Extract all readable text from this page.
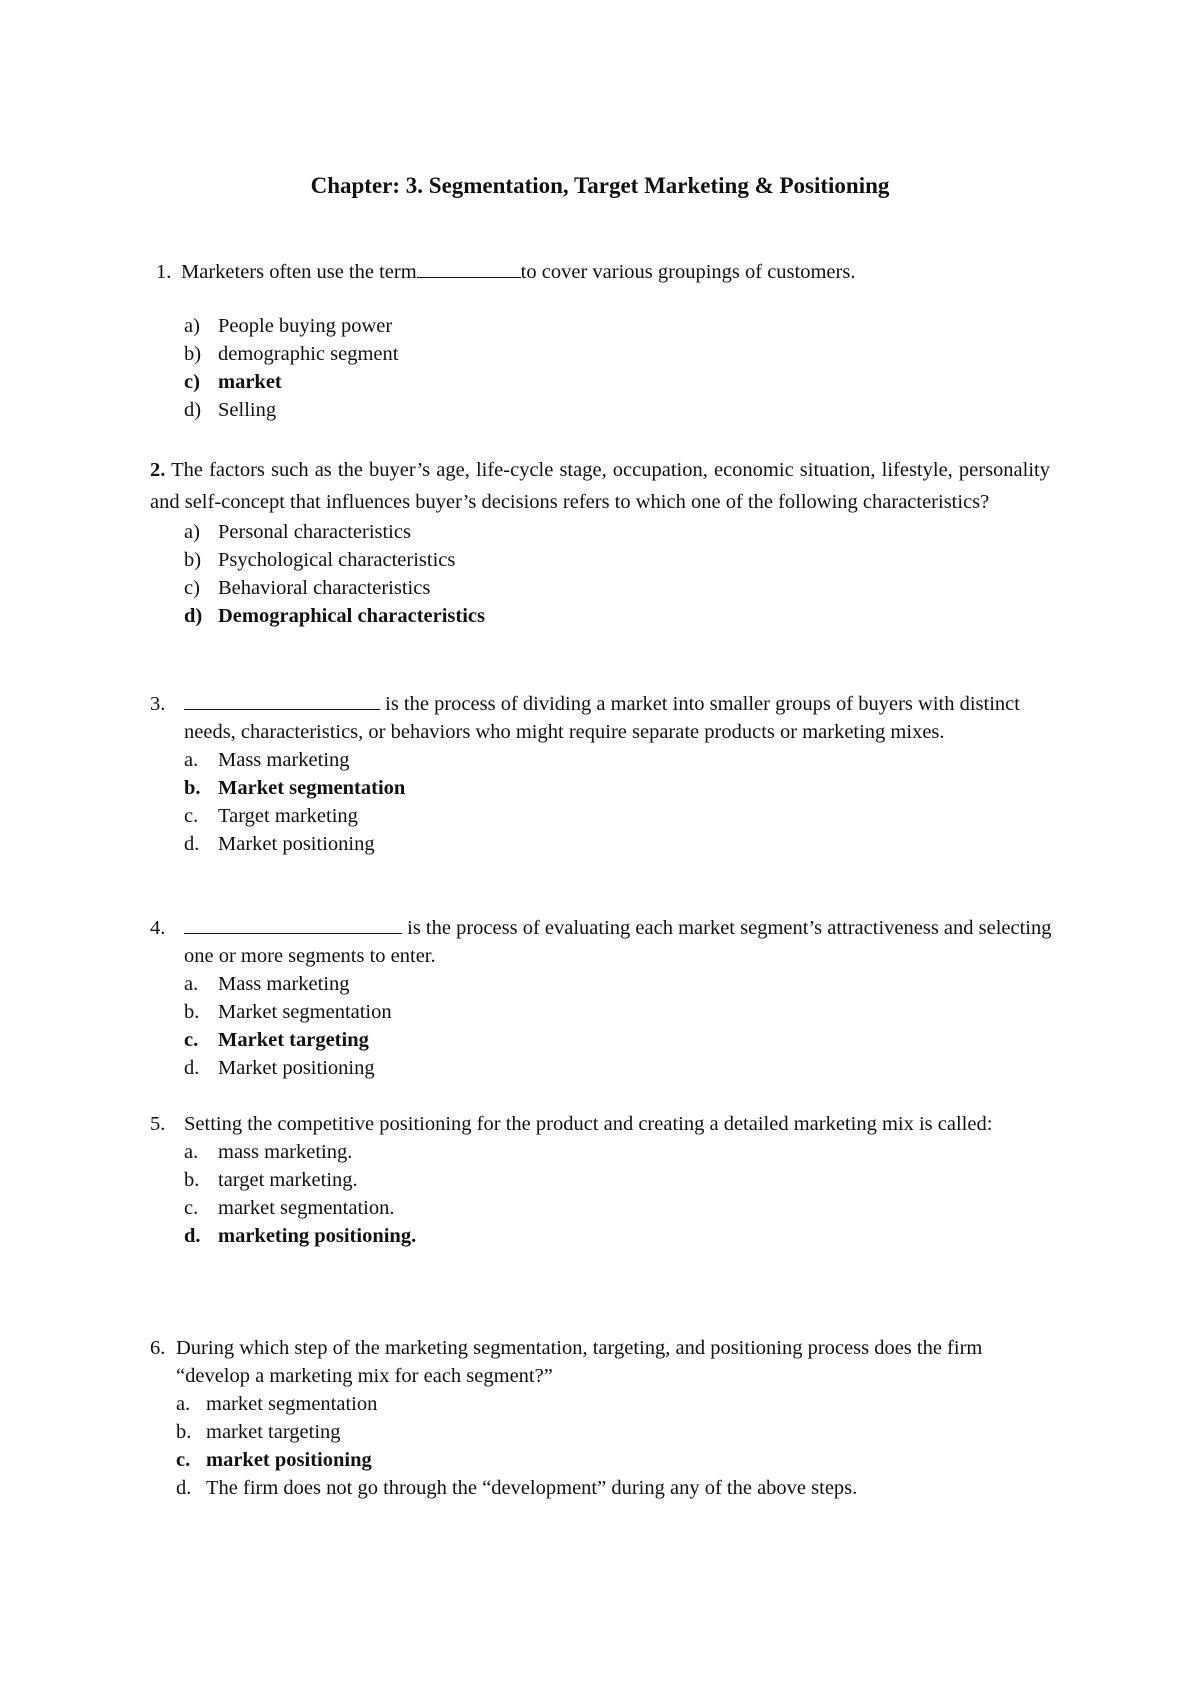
Chapter: 3. Segmentation, Target Marketing & Positioning
1. Marketers often use the term	to cover various groupings of customers.
a) People buying power
b) demographic segment
c) market
d) Selling
2. The factors such as the buyer’s age, life-cycle stage, occupation, economic situation, lifestyle, personality and self-concept that influences buyer’s decisions refers to which one of the following characteristics?
a) Personal characteristics
b) Psychological characteristics
c) Behavioral characteristics
d) Demographical characteristics
3.	is the process of dividing a market into smaller groups of buyers with distinct needs, characteristics, or behaviors who might require separate products or marketing mixes.
a. Mass marketing
b. Market segmentation
c. Target marketing
d. Market positioning
4.	is the process of evaluating each market segment’s attractiveness and selecting one or more segments to enter.
a. Mass marketing
b. Market segmentation
c. Market targeting
d. Market positioning
5. Setting the competitive positioning for the product and creating a detailed marketing mix is called:
a. mass marketing.
b. target marketing.
c. market segmentation.
d. marketing positioning.
6. During which step of the marketing segmentation, targeting, and positioning process does the firm “develop a marketing mix for each segment?”
a. market segmentation
b. market targeting
c. market positioning
d. The firm does not go through the “development” during any of the above steps.
